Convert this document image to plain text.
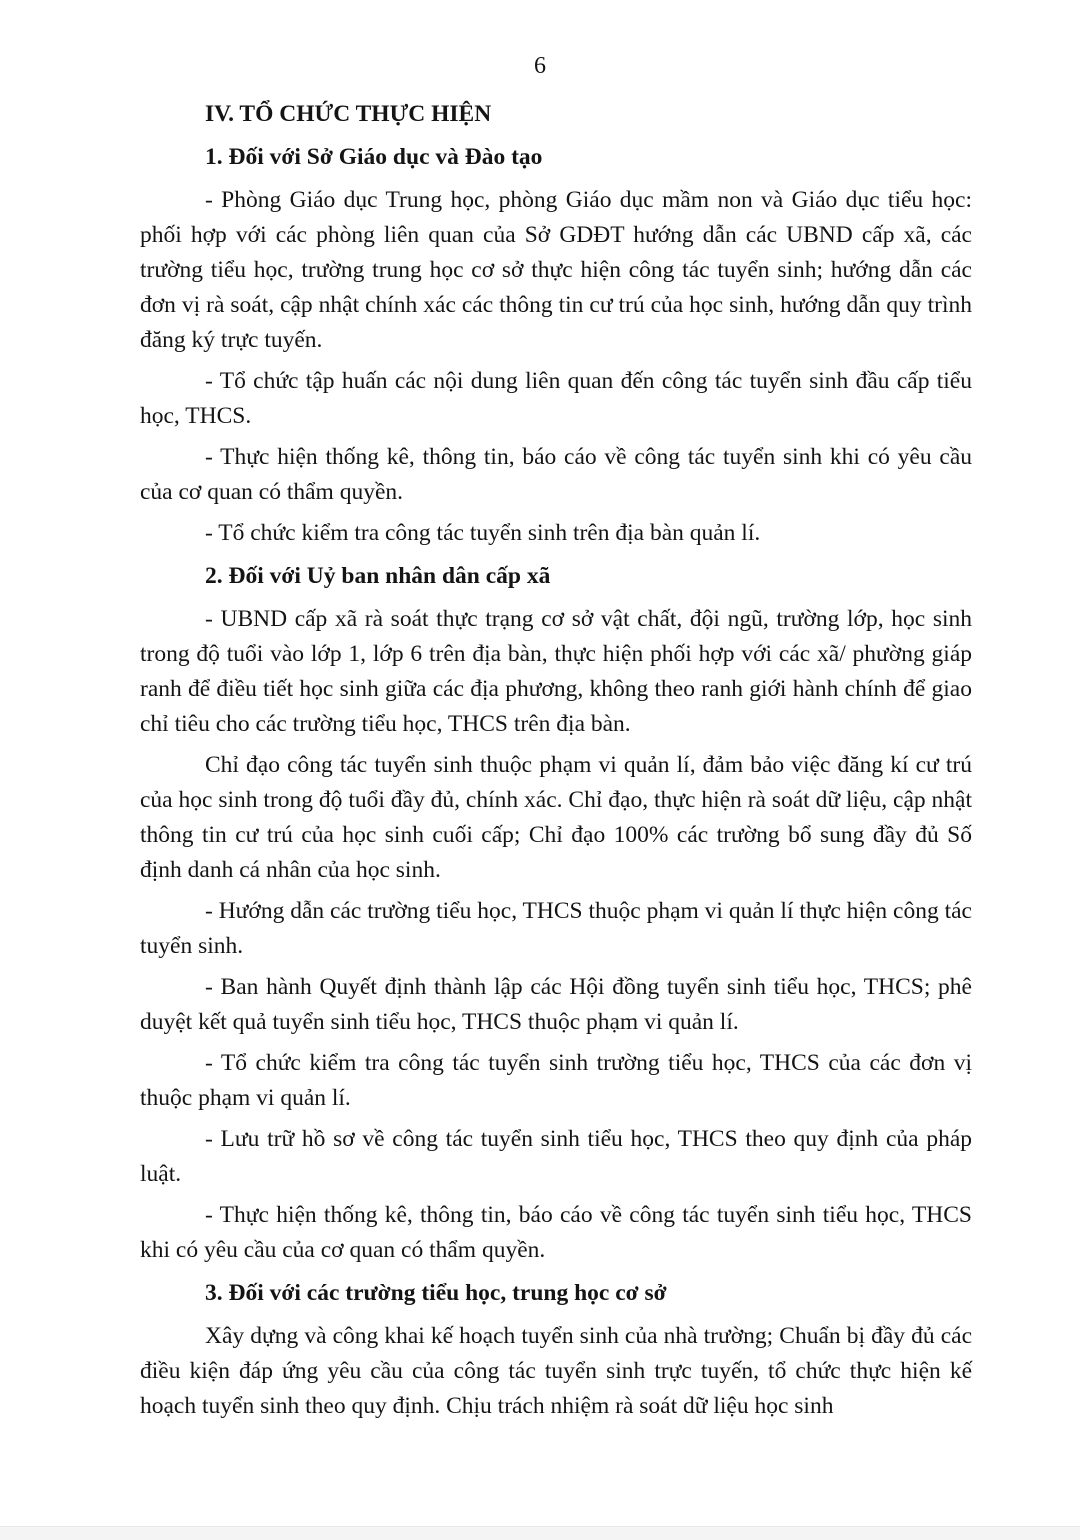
6
IV. TỔ CHỨC THỰC HIỆN
1. Đối với Sở Giáo dục và Đào tạo

- Phòng Giáo dục Trung học, phòng Giáo dục mầm non và Giáo dục tiểu học: phối hợp với các phòng liên quan của Sở GDĐT hướng dẫn các UBND cấp xã, các trường tiểu học, trường trung học cơ sở thực hiện công tác tuyển sinh; hướng dẫn các đơn vị rà soát, cập nhật chính xác các thông tin cư trú của học sinh, hướng dẫn quy trình đăng ký trực tuyến.

- Tổ chức tập huấn các nội dung liên quan đến công tác tuyển sinh đầu cấp tiểu học, THCS.

- Thực hiện thống kê, thông tin, báo cáo về công tác tuyển sinh khi có yêu cầu của cơ quan có thẩm quyền.

- Tổ chức kiểm tra công tác tuyển sinh trên địa bàn quản lí.

2. Đối với Uỷ ban nhân dân cấp xã

- UBND cấp xã rà soát thực trạng cơ sở vật chất, đội ngũ, trường lớp, học sinh trong độ tuổi vào lớp 1, lớp 6 trên địa bàn, thực hiện phối hợp với các xã/ phường giáp ranh để điều tiết học sinh giữa các địa phương, không theo ranh giới hành chính để giao chỉ tiêu cho các trường tiểu học, THCS trên địa bàn.

Chỉ đạo công tác tuyển sinh thuộc phạm vi quản lí, đảm bảo việc đăng kí cư trú của học sinh trong độ tuổi đầy đủ, chính xác. Chỉ đạo, thực hiện rà soát dữ liệu, cập nhật thông tin cư trú của học sinh cuối cấp; Chỉ đạo 100% các trường bổ sung đầy đủ Số định danh cá nhân của học sinh.

- Hướng dẫn các trường tiểu học, THCS thuộc phạm vi quản lí thực hiện công tác tuyển sinh.

- Ban hành Quyết định thành lập các Hội đồng tuyển sinh tiểu học, THCS; phê duyệt kết quả tuyển sinh tiểu học, THCS thuộc phạm vi quản lí.

- Tổ chức kiểm tra công tác tuyển sinh trường tiểu học, THCS của các đơn vị thuộc phạm vi quản lí.

- Lưu trữ hồ sơ về công tác tuyển sinh tiểu học, THCS theo quy định của pháp luật.

- Thực hiện thống kê, thông tin, báo cáo về công tác tuyển sinh tiểu học, THCS khi có yêu cầu của cơ quan có thẩm quyền.

3. Đối với các trường tiểu học, trung học cơ sở

Xây dựng và công khai kế hoạch tuyển sinh của nhà trường; Chuẩn bị đầy đủ các điều kiện đáp ứng yêu cầu của công tác tuyển sinh trực tuyến, tổ chức thực hiện kế hoạch tuyển sinh theo quy định. Chịu trách nhiệm rà soát dữ liệu học sinh
